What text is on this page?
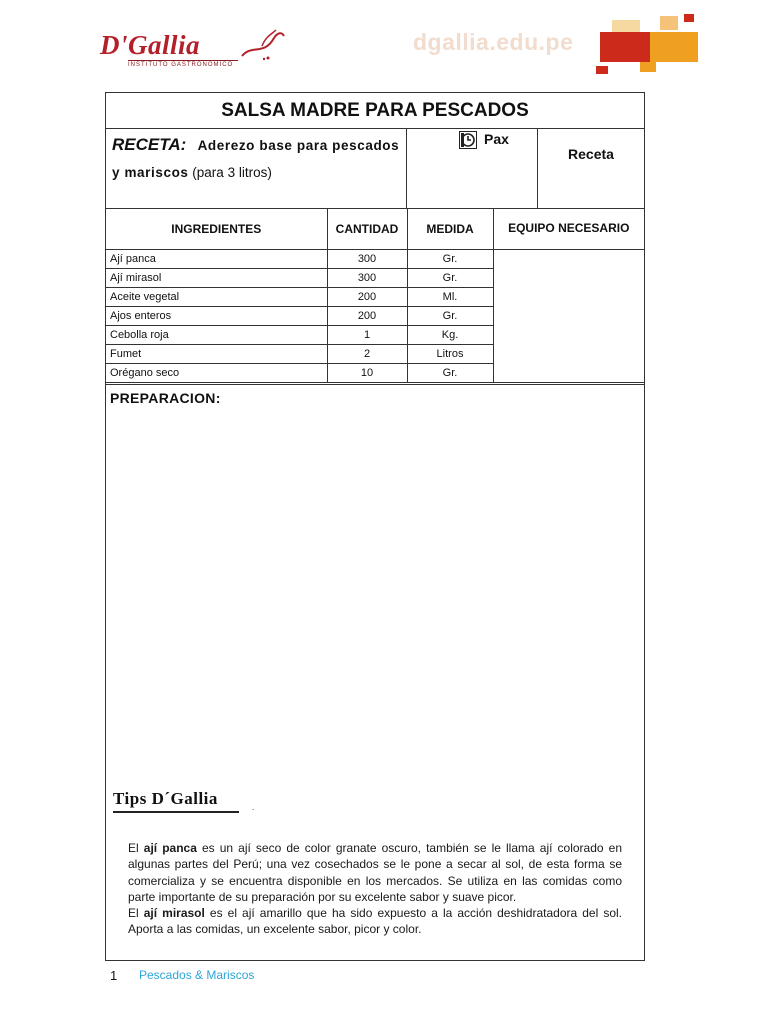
D'Gallia
INSTITUTO GASTRONÓMICO
dgallia.edu.pe
SALSA MADRE PARA PESCADOS
RECETA: Aderezo base para pescados y mariscos (para 3 litros)
Pax
Receta
INGREDIENTES	CANTIDAD	MEDIDA	EQUIPO NECESARIO
Ají panca	300	Gr.	
Ají mirasol	300	Gr.	
Aceite vegetal	200	Ml.	
Ajos enteros	200	Gr.	
Cebolla roja	1	Kg.	
Fumet	2	Litros	
Orégano seco	10	Gr.	
PREPARACION:
Tips D´Gallia	.

El ají panca es un ají seco de color granate oscuro, también se le llama ají colorado en algunas partes del Perú; una vez cosechados se le pone a secar al sol, de esta forma se comercializa y se encuentra disponible en los mercados. Se utiliza en las comidas como parte importante de su preparación por su excelente sabor y suave picor.

El ají mirasol es el ají amarillo que ha sido expuesto a la acción deshidratadora del sol. Aporta a las comidas, un excelente sabor, picor y color.

1 Pescados & Mariscos
